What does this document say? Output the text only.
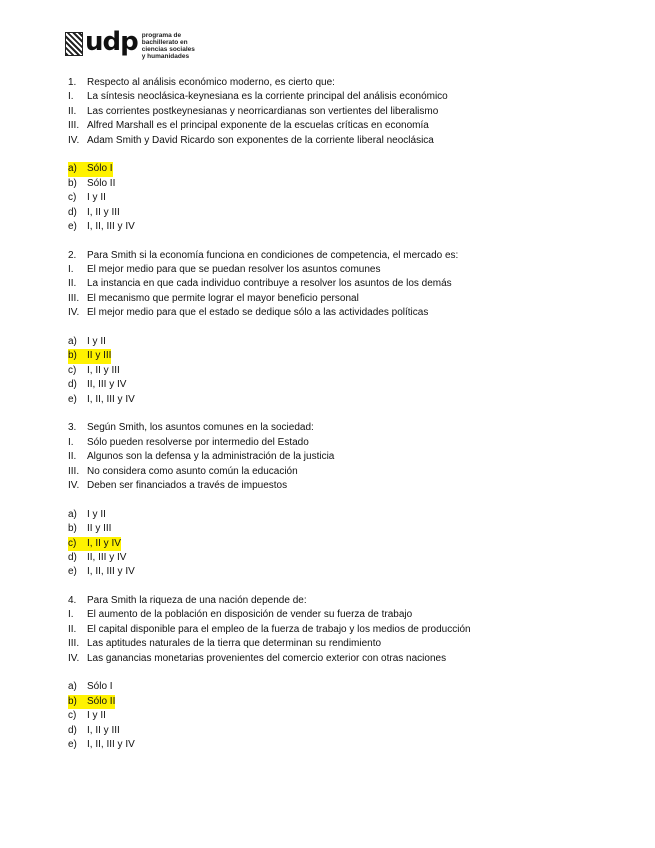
udp programa de
bachillerato en
ciencias sociales
y humanidades
1.	Respecto al análisis económico moderno, es cierto que:
I.	La síntesis neoclásica-keynesiana es la corriente principal del análisis económico
II.	Las corrientes postkeynesianas y neorricardianas son vertientes del liberalismo
III. Alfred Marshall es el principal exponente de la escuelas críticas en economía
IV. Adam Smith y David Ricardo son exponentes de la corriente liberal neoclásica
a)	Sólo I
b)	Sólo II
c)	I y II
d)	I, II y III
e)	I, II, III y IV
2.	Para Smith si la economía funciona en condiciones de competencia, el mercado es:
I.	El mejor medio para que se puedan resolver los asuntos comunes
II.	La instancia en que cada individuo contribuye a resolver los asuntos de los demás
III. El mecanismo que permite lograr el mayor beneficio personal
IV. El mejor medio para que el estado se dedique sólo a las actividades políticas
a)	I y II
b)	II y III
c)	I, II y III
d)	II, III y IV
e)	I, II, III y IV
3.	Según Smith, los asuntos comunes en la sociedad:
I.	Sólo pueden resolverse por intermedio del Estado
II.	Algunos son la defensa y la administración de la justicia
III. No considera como asunto común la educación
IV. Deben ser financiados a través de impuestos
a)	I y II
b)	II y III
c)	I, II y IV
d)	II, III y IV
e)	I, II, III y IV
4.	Para Smith la riqueza de una nación depende de:
I.	El aumento de la población en disposición de vender su fuerza de trabajo
II.	El capital disponible para el empleo de la fuerza de trabajo y los medios de producción
III. Las aptitudes naturales de la tierra que determinan su rendimiento
IV. Las ganancias monetarias provenientes del comercio exterior con otras naciones
a)	Sólo I
b)	Sólo II
c)	I y II
d)	I, II y III
e)	I, II, III y IV
